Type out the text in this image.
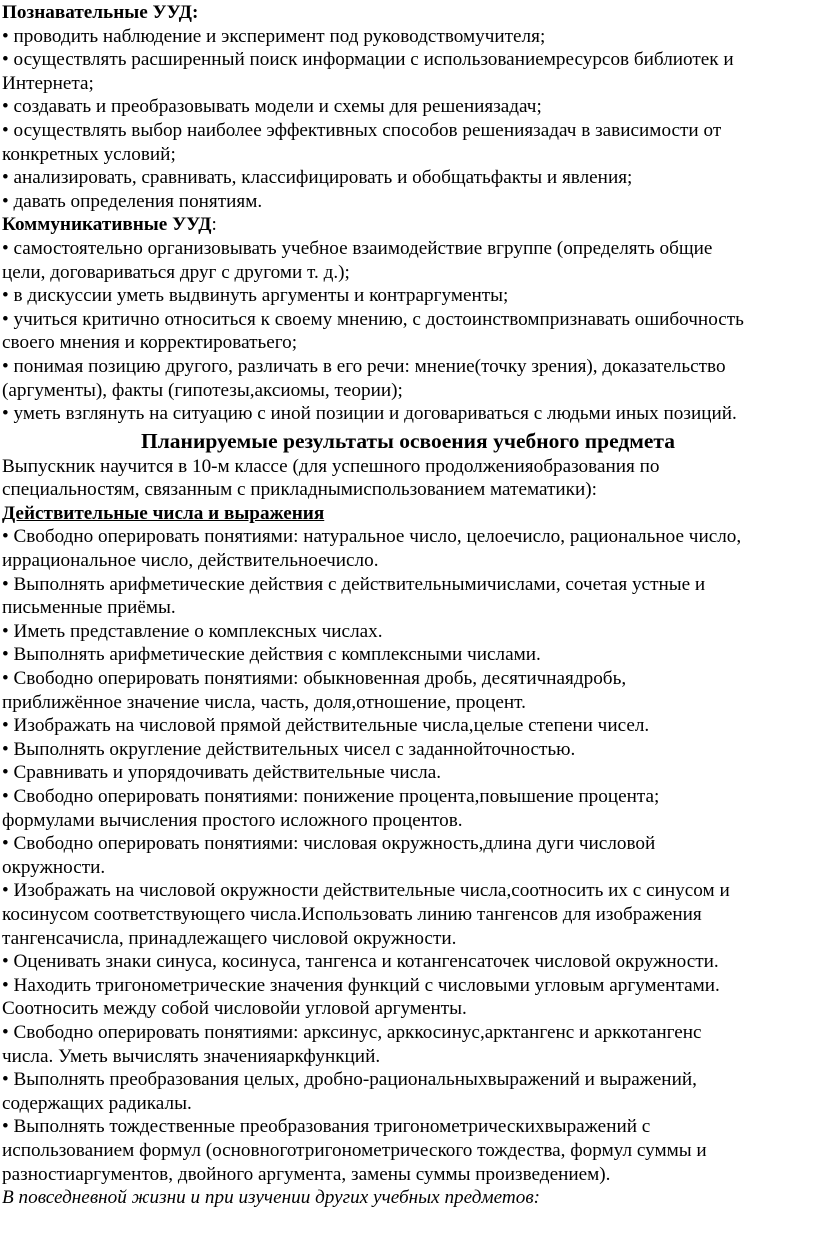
Познавательные УУД:
• проводить наблюдение и эксперимент под руководствомучителя;
• осуществлять расширенный поиск информации с использованиемресурсов библиотек и
Интернета;
• создавать и преобразовывать модели и схемы для решениязадач;
• осуществлять выбор наиболее эффективных способов решениязадач в зависимости от
конкретных условий;
• анализировать, сравнивать, классифицировать и обобщатьфакты и явления;
• давать определения понятиям.
Коммуникативные УУД:
• самостоятельно организовывать учебное взаимодействие вгруппе (определять общие
цели, договариваться друг с другоми т. д.);
• в дискуссии уметь выдвинуть аргументы и контраргументы;
• учиться критично относиться к своему мнению, с достоинствомпризнавать ошибочность
своего мнения и корректироватьего;
• понимая позицию другого, различать в его речи: мнение(точку зрения), доказательство
(аргументы), факты (гипотезы,аксиомы, теории);
• уметь взглянуть на ситуацию с иной позиции и договариваться с людьми иных позиций.
Планируемые результаты освоения учебного предмета
Выпускник научится в 10-м классе (для успешного продолженияобразования по
специальностям, связанным с прикладнымиспользованием математики):
Действительные числа и выражения
• Свободно оперировать понятиями: натуральное число, целоечисло, рациональное число,
иррациональное число, действительноечисло.
• Выполнять арифметические действия с действительнымичислами, сочетая устные и
письменные приёмы.
• Иметь представление о комплексных числах.
• Выполнять арифметические действия с комплексными числами.
• Свободно оперировать понятиями: обыкновенная дробь, десятичнаядробь,
приближённое значение числа, часть, доля,отношение, процент.
• Изображать на числовой прямой действительные числа,целые степени чисел.
• Выполнять округление действительных чисел с заданнойточностью.
• Сравнивать и упорядочивать действительные числа.
• Свободно оперировать понятиями: понижение процента,повышение процента;
формулами вычисления простого исложного процентов.
• Свободно оперировать понятиями: числовая окружность,длина дуги числовой
окружности.
• Изображать на числовой окружности действительные числа,соотносить их с синусом и
косинусом соответствующего числа.Использовать линию тангенсов для изображения
тангенсачисла, принадлежащего числовой окружности.
• Оценивать знаки синуса, косинуса, тангенса и котангенсаточек числовой окружности.
• Находить тригонометрические значения функций с числовыми угловым аргументами.
Соотносить между собой числовойи угловой аргументы.
• Свободно оперировать понятиями: арксинус, арккосинус,арктангенс и арккотангенс
числа. Уметь вычислять значенияаркфункций.
• Выполнять преобразования целых, дробно-рациональныхвыражений и выражений,
содержащих радикалы.
• Выполнять тождественные преобразования тригонометрическихвыражений с
использованием формул (основноготригонометрического тождества, формул суммы и
разностиаргументов, двойного аргумента, замены суммы произведением).
В повседневной жизни и при изучении других учебных предметов:
